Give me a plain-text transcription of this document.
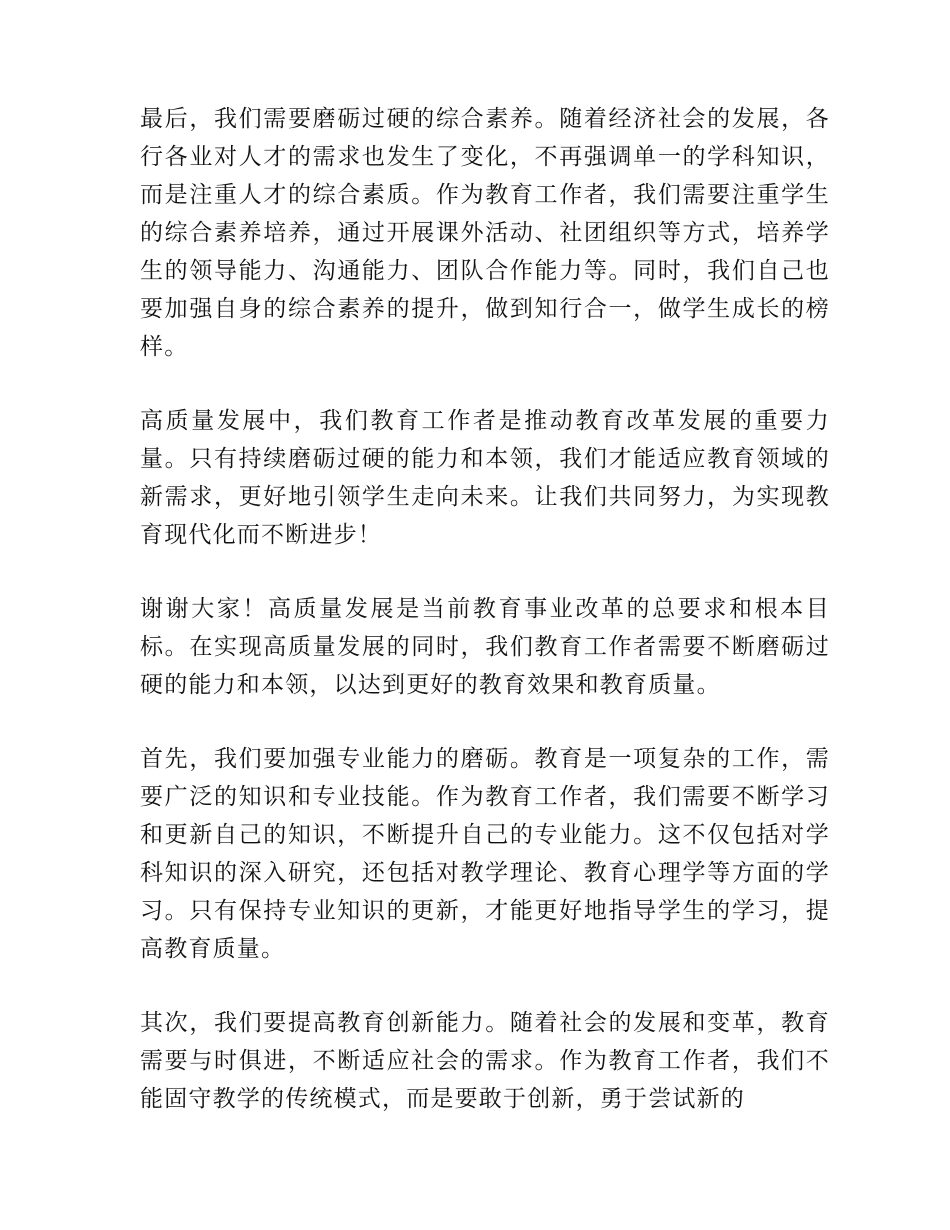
最后，我们需要磨砺过硬的综合素养。随着经济社会的发展，各行各业对人才的需求也发生了变化，不再强调单一的学科知识，而是注重人才的综合素质。作为教育工作者，我们需要注重学生的综合素养培养，通过开展课外活动、社团组织等方式，培养学生的领导能力、沟通能力、团队合作能力等。同时，我们自己也要加强自身的综合素养的提升，做到知行合一，做学生成长的榜样。

高质量发展中，我们教育工作者是推动教育改革发展的重要力量。只有持续磨砺过硬的能力和本领，我们才能适应教育领域的新需求，更好地引领学生走向未来。让我们共同努力，为实现教育现代化而不断进步！

谢谢大家！高质量发展是当前教育事业改革的总要求和根本目标。在实现高质量发展的同时，我们教育工作者需要不断磨砺过硬的能力和本领，以达到更好的教育效果和教育质量。

首先，我们要加强专业能力的磨砺。教育是一项复杂的工作，需要广泛的知识和专业技能。作为教育工作者，我们需要不断学习和更新自己的知识，不断提升自己的专业能力。这不仅包括对学科知识的深入研究，还包括对教学理论、教育心理学等方面的学习。只有保持专业知识的更新，才能更好地指导学生的学习，提高教育质量。

其次，我们要提高教育创新能力。随着社会的发展和变革，教育需要与时俱进，不断适应社会的需求。作为教育工作者，我们不能固守教学的传统模式，而是要敢于创新，勇于尝试新的
